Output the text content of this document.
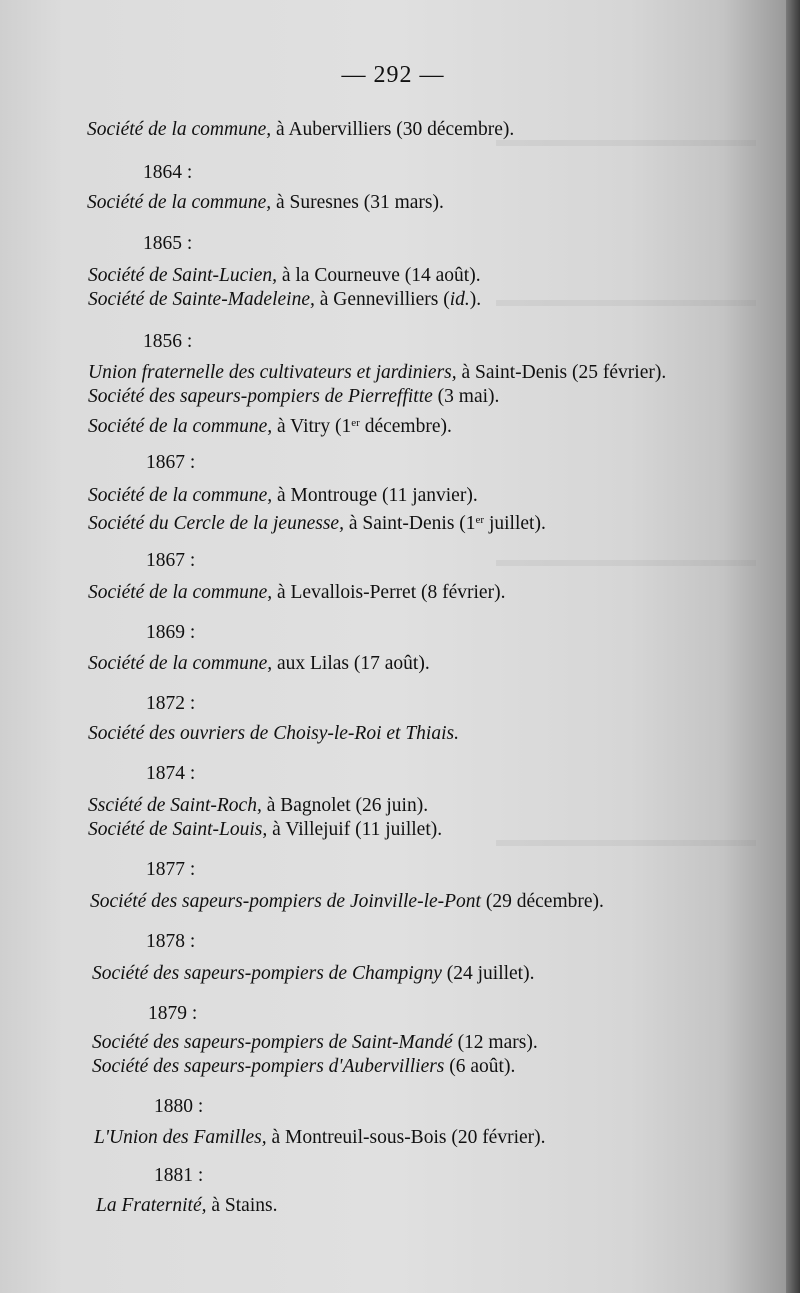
— 292 —
Société de la commune, à Aubervilliers (30 décembre).
1864 :
Société de la commune, à Suresnes (31 mars).
1865 :
Société de Saint-Lucien, à la Courneuve (14 août).
Société de Sainte-Madeleine, à Gennevilliers (id.).
1856 :
Union fraternelle des cultivateurs et jardiniers, à Saint-Denis (25 février).
Société des sapeurs-pompiers de Pierreffitte (3 mai).
Société de la commune, à Vitry (1er décembre).
1867 :
Société de la commune, à Montrouge (11 janvier).
Société du Cercle de la jeunesse, à Saint-Denis (1er juillet).
1867 :
Société de la commune, à Levallois-Perret (8 février).
1869 :
Société de la commune, aux Lilas (17 août).
1872 :
Société des ouvriers de Choisy-le-Roi et Thiais.
1874 :
Ssciété de Saint-Roch, à Bagnolet (26 juin).
Société de Saint-Louis, à Villejuif (11 juillet).
1877 :
Société des sapeurs-pompiers de Joinville-le-Pont (29 décembre).
1878 :
Société des sapeurs-pompiers de Champigny (24 juillet).
1879 :
Société des sapeurs-pompiers de Saint-Mandé (12 mars).
Société des sapeurs-pompiers d'Aubervilliers (6 août).
1880 :
L'Union des Familles, à Montreuil-sous-Bois (20 février).
1881 :
La Fraternité, à Stains.
